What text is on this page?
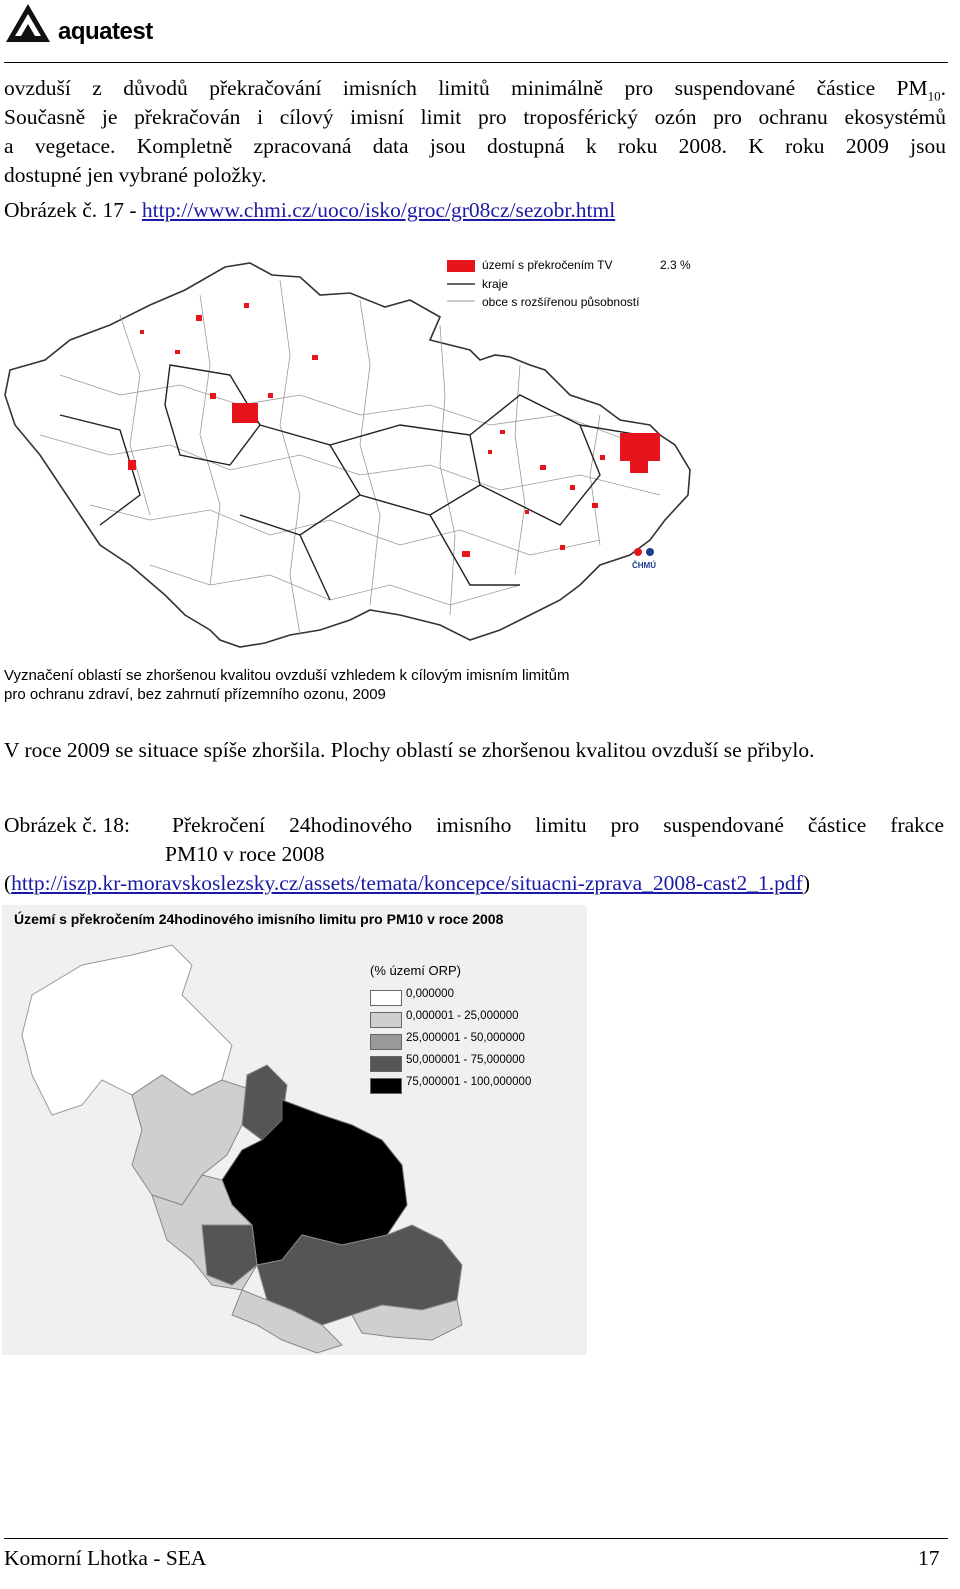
aquatest
ovzduší z důvodů překračování imisních limitů minimálně pro suspendované částice $PM_{10}$.
Současně je překračován i cílový imisní limit pro troposférický ozón pro ochranu ekosystémů
a vegetace. Kompletně zpracovaná data jsou dostupná k roku 2008. K roku 2009 jsou
dostupné jen vybrané položky.
Obrázek č. 17 - http://www.chmi.cz/uoco/isko/groc/gr08cz/sezobr.html
území s překročením TV	2.3 %
kraje
obce s rozšířenou působností
ČHMÚ
Vyznačení oblastí se zhoršenou kvalitou ovzduší vzhledem k cílovým imisním limitům
pro ochranu zdraví, bez zahrnutí přízemního ozonu, 2009
V roce 2009 se situace spíše zhoršila. Plochy oblastí se zhoršenou kvalitou ovzduší se přibylo.
Obrázek č. 18: Překročení 24hodinového imisního limitu pro suspendované částice frakce
PM10 v roce 2008
(http://iszp.kr-moravskoslezsky.cz/assets/temata/koncepce/situacni-zprava_2008-cast2_1.pdf)
Území s překročením 24hodinového imisního limitu pro PM10 v roce 2008
(% území ORP)
0,000000
0,000001 - 25,000000
25,000001 - 50,000000
50,000001 - 75,000000
75,000001 - 100,000000
Komorní Lhotka - SEA	17
